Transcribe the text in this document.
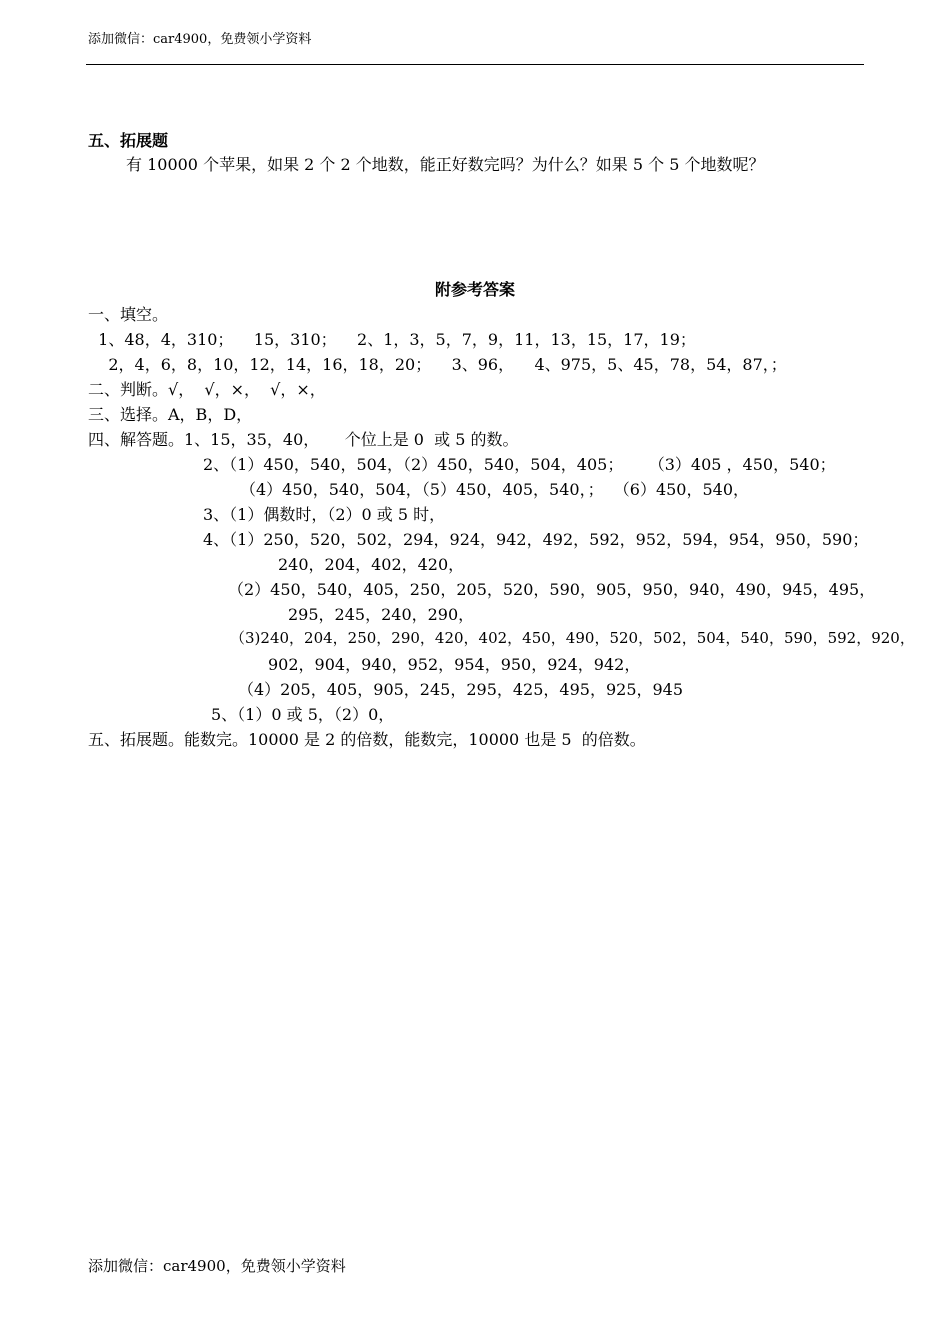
添加微信：car4900，免费领小学资料
五、拓展题
有 10000 个苹果，如果 2 个 2 个地数，能正好数完吗？为什么？如果 5 个 5 个地数呢？
附参考答案
一、填空。
1、48，4，310；    15，310；    2、1，3，5，7，9，11，13，15，17，19；
2，4，6，8，10，12，14，16，18，20；    3、96，    4、975，5、45，78，54，87，；
二、判断。√，  √，×，  √，×，
三、选择。A，B，D，
四、解答题。1、15，35，40，     个位上是 0  或 5 的数。
2、（1）450，540，504，（2）450，540，504，405；     （3）405 ，450，540；
（4）450，540，504，（5）450，405，540，；  （6）450，540，
3、（1）偶数时，（2）0 或 5 时，
4、（1）250，520，502，294，924，942，492，592，952，594，954，950，590；
240，204，402，420，
（2）450，540，405，250，205，520，590，905，950，940，490，945，495，
295，245，240，290，
（3)240，204，250，290，420，402，450，490，520，502，504，540，590，592，920，
902，904，940，952，954，950，924，942，
（4）205，405，905，245，295，425，495，925，945
5、（1）0 或 5，（2）0，
五、拓展题。能数完。10000 是 2 的倍数，能数完，10000 也是 5  的倍数。
添加微信：car4900，免费领小学资料
